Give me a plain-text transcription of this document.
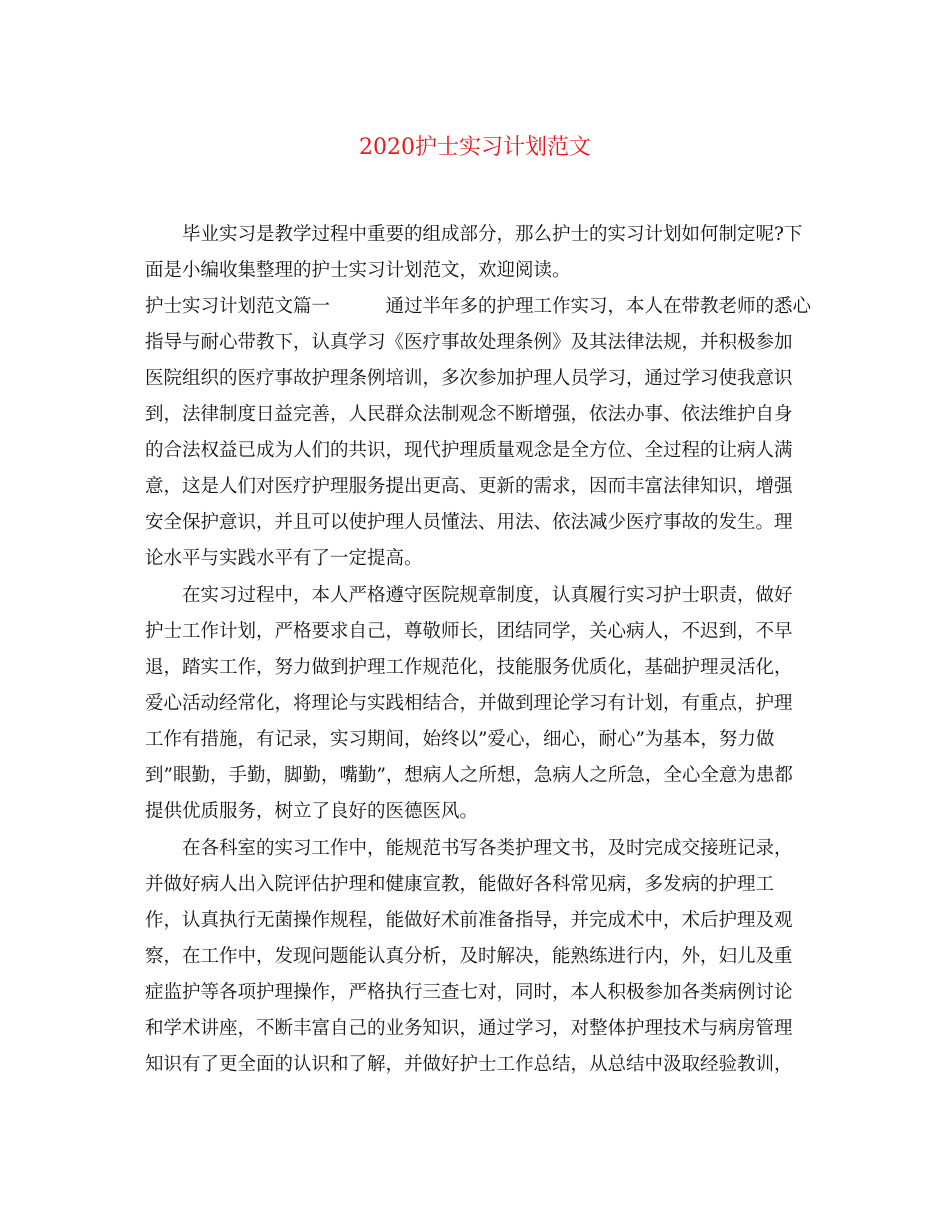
2020护士实习计划范文
毕业实习是教学过程中重要的组成部分，那么护士的实习计划如何制定呢?下
面是小编收集整理的护士实习计划范文，欢迎阅读。
护士实习计划范文篇一　　　通过半年多的护理工作实习，本人在带教老师的悉心
指导与耐心带教下，认真学习《医疗事故处理条例》及其法律法规，并积极参加
医院组织的医疗事故护理条例培训，多次参加护理人员学习，通过学习使我意识
到，法律制度日益完善，人民群众法制观念不断增强，依法办事、依法维护自身
的合法权益已成为人们的共识，现代护理质量观念是全方位、全过程的让病人满
意，这是人们对医疗护理服务提出更高、更新的需求，因而丰富法律知识，增强
安全保护意识，并且可以使护理人员懂法、用法、依法减少医疗事故的发生。理
论水平与实践水平有了一定提高。
在实习过程中，本人严格遵守医院规章制度，认真履行实习护士职责，做好
护士工作计划，严格要求自己，尊敬师长，团结同学，关心病人，不迟到，不早
退，踏实工作，努力做到护理工作规范化，技能服务优质化，基础护理灵活化，
爱心活动经常化，将理论与实践相结合，并做到理论学习有计划，有重点，护理
工作有措施，有记录，实习期间，始终以”爱心，细心，耐心”为基本，努力做
到”眼勤，手勤，脚勤，嘴勤”，想病人之所想，急病人之所急，全心全意为患都
提供优质服务，树立了良好的医德医风。
在各科室的实习工作中，能规范书写各类护理文书，及时完成交接班记录，
并做好病人出入院评估护理和健康宣教，能做好各科常见病，多发病的护理工
作，认真执行无菌操作规程，能做好术前准备指导，并完成术中，术后护理及观
察，在工作中，发现问题能认真分析，及时解决，能熟练进行内，外，妇儿及重
症监护等各项护理操作，严格执行三查七对，同时，本人积极参加各类病例讨论
和学术讲座，不断丰富自己的业务知识，通过学习，对整体护理技术与病房管理
知识有了更全面的认识和了解，并做好护士工作总结，从总结中汲取经验教训，
